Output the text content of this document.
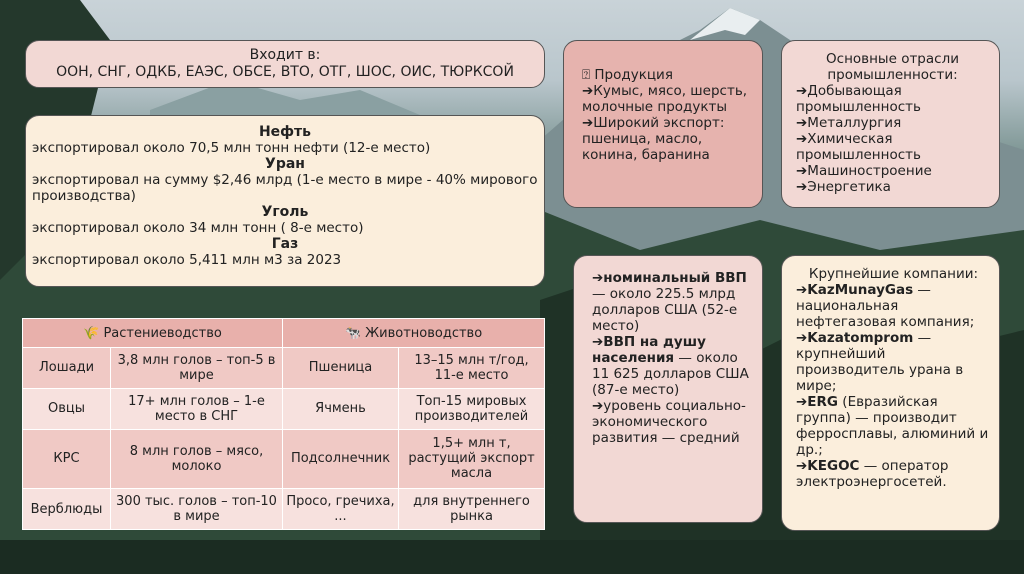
Входит в:
ООН, СНГ, ОДКБ, ЕАЭС, ОБСЕ, ВТО, ОТГ, ШОС, ОИС, ТЮРКСОЙ
Нефть
экспортировал около 70,5 млн тонн нефти (12-е место)
Уран
экспортировал на сумму $2,46 млрд (1-е место в мире - 40% мирового производства)
Уголь
экспортировал около 34 млн тонн ( 8-е место)
Газ
экспортировал около 5,411 млн м3 за 2023
⍰ Продукция
➔Кумыс, мясо, шерсть, молочные продукты
➔Широкий экспорт: пшеница, масло, конина, баранина
Основные отрасли промышленности:
➔Добывающая промышленность
➔Металлургия
➔Химическая промышленность
➔Машиностроение
➔Энергетика
➔номинальный ВВП — около 225.5 млрд долларов США (52-е место)
➔ВВП на душу населения — около 11 625 долларов США (87-е место)
➔уровень социально-экономического развития — средний
Крупнейшие компании:
➔KazMunayGas — национальная нефтегазовая компания;
➔Kazatomprom — крупнейший производитель урана в мире;
➔ERG (Евразийская группа) — производит ферросплавы, алюминий и др.;
➔KEGOC — оператор электроэнергосетей.
🌾 Растениеводство		🐄 Животноводство	
Лошади	3,8 млн голов – топ-5 в мире	Пшеница	13–15 млн т/год, 11-е место
Овцы	17+ млн голов – 1-е место в СНГ	Ячмень	Топ-15 мировых производителей
КРС	8 млн голов – мясо, молоко	Подсолнечник	1,5+ млн т, растущий экспорт масла
Верблюды	300 тыс. голов – топ-10 в мире	Просо, гречиха, ...	для внутреннего рынка
